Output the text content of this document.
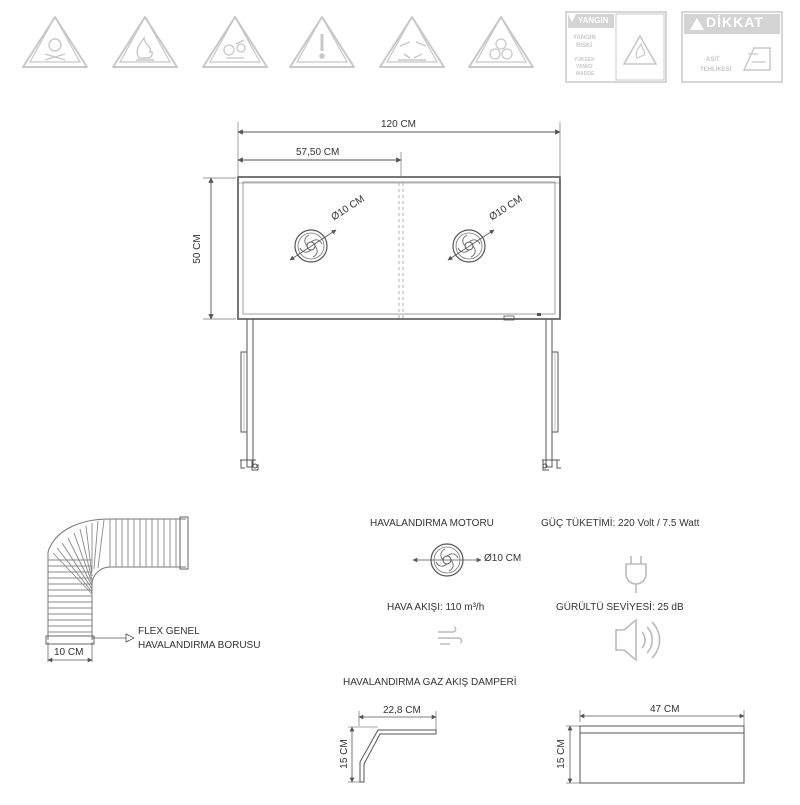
YANGIN
YANGIN
RİSKİ
YÜKSEK
YANICI
MADDE
DİKKAT
ASİT
TEHLİKESİ
120 CM
57,50 CM
50 CM
Ø10 CM	Ø10 CM
FLEX GENEL
HAVALANDIRMA BORUSU
10 CM
HAVALANDIRMA MOTORU
Ø10 CM
GÜÇ TÜKETİMİ: 220 Volt / 7.5 Watt
HAVA AKIŞI: 110 m³/h	GÜRÜLTÜ SEVİYESİ: 25 dB
HAVALANDIRMA GAZ AKIŞ DAMPERİ
22,8 CM
15 CM
47 CM
15 CM
